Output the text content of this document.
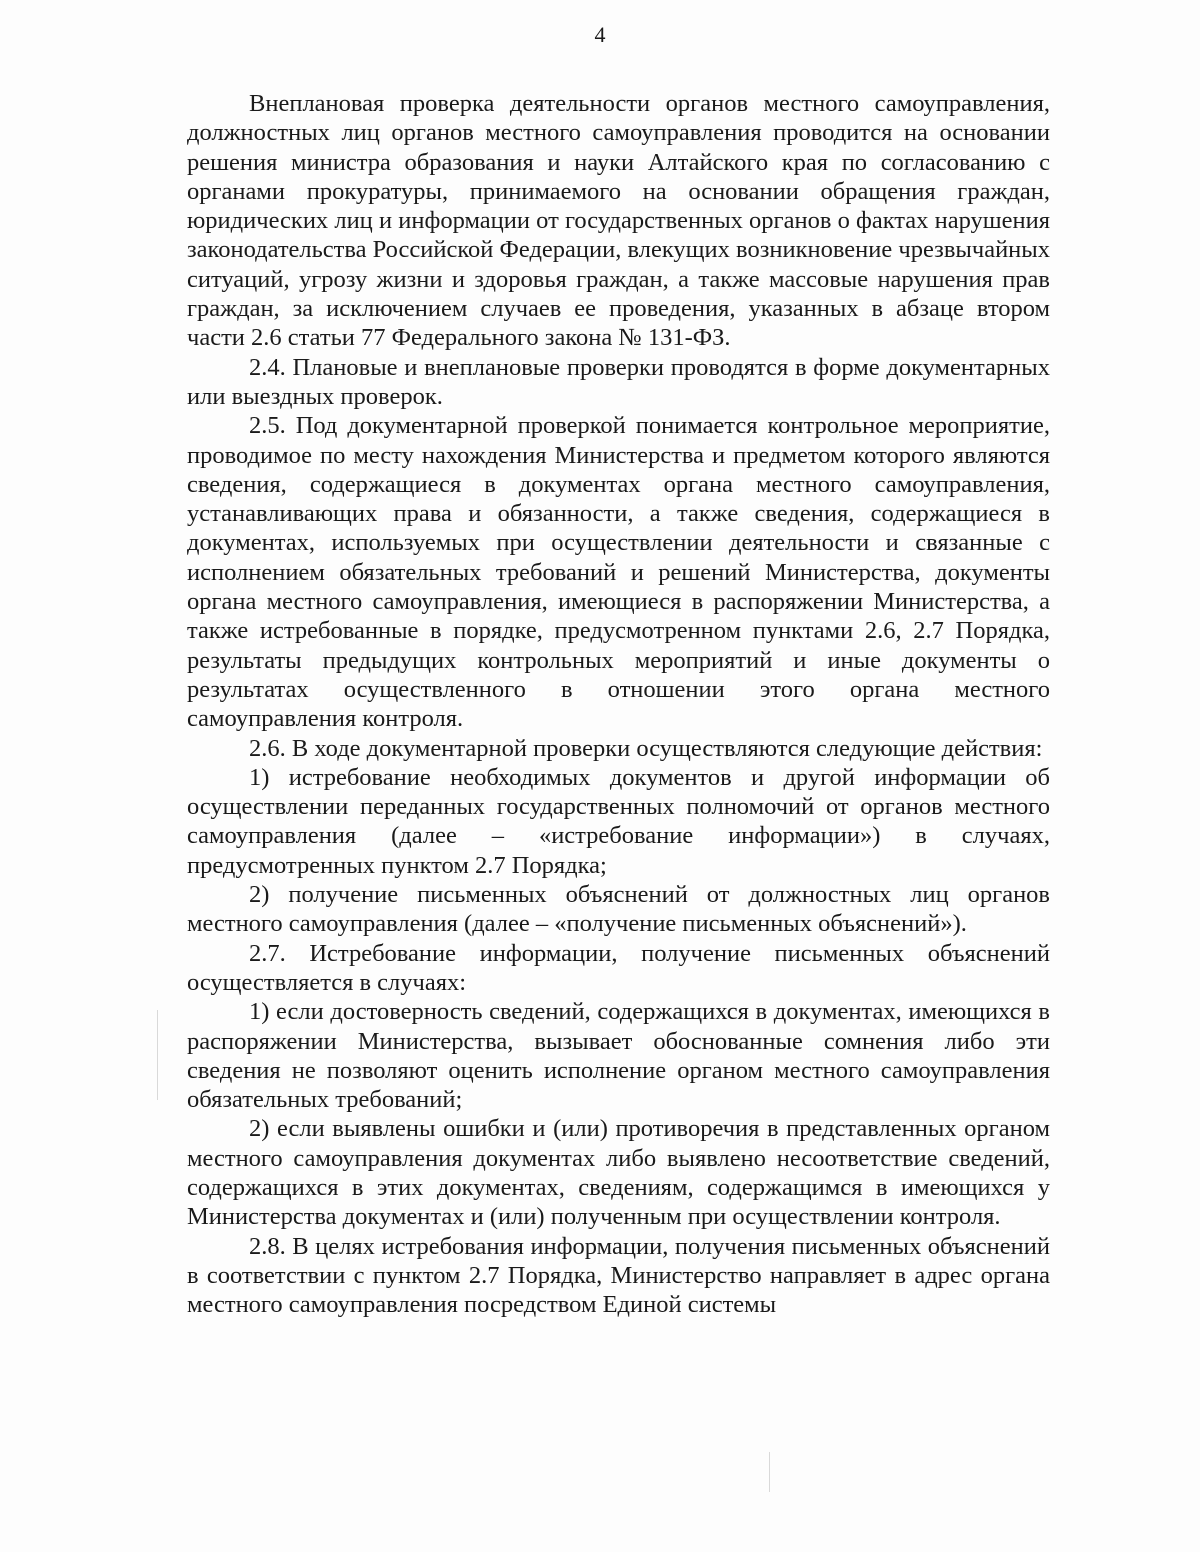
4

Внеплановая проверка деятельности органов местного самоуправления, должностных лиц органов местного самоуправления проводится на основании решения министра образования и науки Алтайского края по согласованию с органами прокуратуры, принимаемого на основании обращения граждан, юридических лиц и информации от государственных органов о фактах нарушения законодательства Российской Федерации, влекущих возникновение чрезвычайных ситуаций, угрозу жизни и здоровья граждан, а также массовые нарушения прав граждан, за исключением случаев ее проведения, указанных в абзаце втором части 2.6 статьи 77 Федерального закона № 131-ФЗ.

2.4. Плановые и внеплановые проверки проводятся в форме документарных или выездных проверок.

2.5. Под документарной проверкой понимается контрольное мероприятие, проводимое по месту нахождения Министерства и предметом которого являются сведения, содержащиеся в документах органа местного самоуправления, устанавливающих права и обязанности, а также сведения, содержащиеся в документах, используемых при осуществлении деятельности и связанные с исполнением обязательных требований и решений Министерства, документы органа местного самоуправления, имеющиеся в распоряжении Министерства, а также истребованные в порядке, предусмотренном пунктами 2.6, 2.7 Порядка, результаты предыдущих контрольных мероприятий и иные документы о результатах осуществленного в отношении этого органа местного самоуправления контроля.

2.6. В ходе документарной проверки осуществляются следующие действия:

1) истребование необходимых документов и другой информации об осуществлении переданных государственных полномочий от органов местного самоуправления (далее – «истребование информации») в случаях, предусмотренных пунктом 2.7 Порядка;

2) получение письменных объяснений от должностных лиц органов местного самоуправления (далее – «получение письменных объяснений»).

2.7. Истребование информации, получение письменных объяснений осуществляется в случаях:

1) если достоверность сведений, содержащихся в документах, имеющихся в распоряжении Министерства, вызывает обоснованные сомнения либо эти сведения не позволяют оценить исполнение органом местного самоуправления обязательных требований;

2) если выявлены ошибки и (или) противоречия в представленных органом местного самоуправления документах либо выявлено несоответствие сведений, содержащихся в этих документах, сведениям, содержащимся в имеющихся у Министерства документах и (или) полученным при осуществлении контроля.

2.8. В целях истребования информации, получения письменных объяснений в соответствии с пунктом 2.7 Порядка, Министерство направляет в адрес органа местного самоуправления посредством Единой системы
